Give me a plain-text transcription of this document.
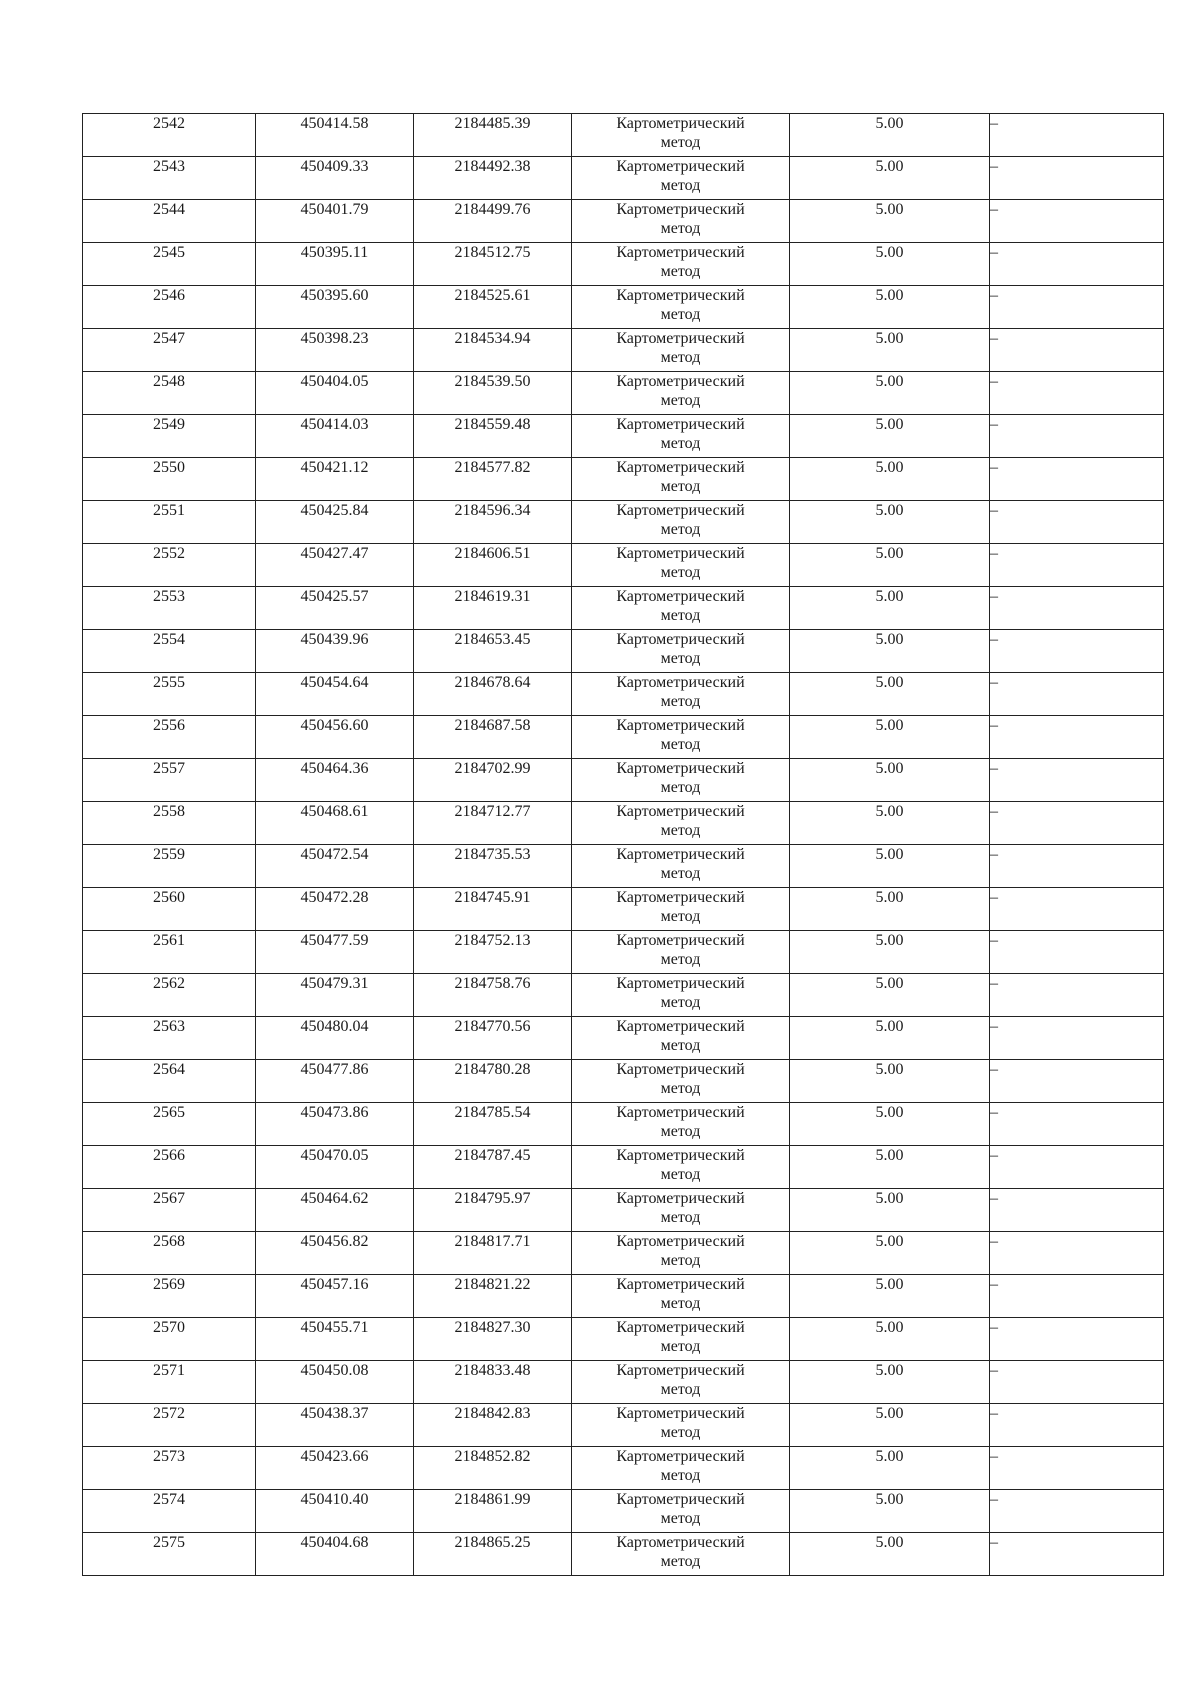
2542	450414.58	2184485.39	Картометрический
метод	5.00	–
2543	450409.33	2184492.38	Картометрический
метод	5.00	–
2544	450401.79	2184499.76	Картометрический
метод	5.00	–
2545	450395.11	2184512.75	Картометрический
метод	5.00	–
2546	450395.60	2184525.61	Картометрический
метод	5.00	–
2547	450398.23	2184534.94	Картометрический
метод	5.00	–
2548	450404.05	2184539.50	Картометрический
метод	5.00	–
2549	450414.03	2184559.48	Картометрический
метод	5.00	–
2550	450421.12	2184577.82	Картометрический
метод	5.00	–
2551	450425.84	2184596.34	Картометрический
метод	5.00	–
2552	450427.47	2184606.51	Картометрический
метод	5.00	–
2553	450425.57	2184619.31	Картометрический
метод	5.00	–
2554	450439.96	2184653.45	Картометрический
метод	5.00	–
2555	450454.64	2184678.64	Картометрический
метод	5.00	–
2556	450456.60	2184687.58	Картометрический
метод	5.00	–
2557	450464.36	2184702.99	Картометрический
метод	5.00	–
2558	450468.61	2184712.77	Картометрический
метод	5.00	–
2559	450472.54	2184735.53	Картометрический
метод	5.00	–
2560	450472.28	2184745.91	Картометрический
метод	5.00	–
2561	450477.59	2184752.13	Картометрический
метод	5.00	–
2562	450479.31	2184758.76	Картометрический
метод	5.00	–
2563	450480.04	2184770.56	Картометрический
метод	5.00	–
2564	450477.86	2184780.28	Картометрический
метод	5.00	–
2565	450473.86	2184785.54	Картометрический
метод	5.00	–
2566	450470.05	2184787.45	Картометрический
метод	5.00	–
2567	450464.62	2184795.97	Картометрический
метод	5.00	–
2568	450456.82	2184817.71	Картометрический
метод	5.00	–
2569	450457.16	2184821.22	Картометрический
метод	5.00	–
2570	450455.71	2184827.30	Картометрический
метод	5.00	–
2571	450450.08	2184833.48	Картометрический
метод	5.00	–
2572	450438.37	2184842.83	Картометрический
метод	5.00	–
2573	450423.66	2184852.82	Картометрический
метод	5.00	–
2574	450410.40	2184861.99	Картометрический
метод	5.00	–
2575	450404.68	2184865.25	Картометрический
метод	5.00	–
